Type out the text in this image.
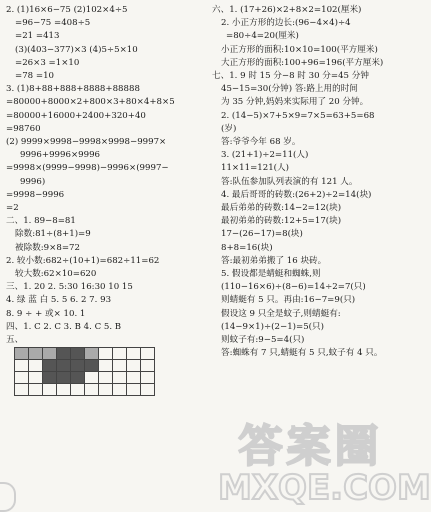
2. (1)16×6−75 (2)102×4÷5
=96−75 =408÷5
=21 =413
(3)(403−377)×3 (4)5÷5×10
=26×3 =1×10
=78 =10
3. (1)8+88+888+8888+88888
=80000+8000×2+800×3+80×4+8×5
=80000+16000+2400+320+40
=98760
(2) 9999×9998−9998×9998−9997×
9996+9996×9996
=9998×(9999−9998)−9996×(9997−
9996)
=9998−9996
=2
二、1. 89−8=81
除数:81÷(8+1)=9
被除数:9×8=72
2. 较小数:682÷(10+1)=682÷11=62
较大数:62×10=620
三、1. 20 2. 5:30 16:30 10 15
4. 绿 蓝 白 5. 5 6. 2 7. 93
8. 9 ÷ + 或× 10. 1
四、1. C 2. C 3. B 4. C 5. B
五、
六、1. (17+26)×2+8×2=102(厘米)
2. 小正方形的边长:(96−4×4)÷4
=80÷4=20(厘米)
小正方形的面积:10×10=100(平方厘米)
大正方形的面积:100+96=196(平方厘米)
七、1. 9 时 15 分−8 时 30 分=45 分钟
45−15=30(分钟) 答:路上用的时间
为 35 分钟,妈妈来实际用了 20 分钟。
2. (14−5)×7+5×9=7×5=63+5=68
(岁)
答:爷爷今年 68 岁。
3. (21+1)÷2=11(人)
11×11=121(人)
答:队伍参加队列表演的有 121 人。
4. 最后哥哥的砖数:(26+2)÷2=14(块)
最后弟弟的砖数:14−2=12(块)
最初弟弟的砖数:12+5=17(块)
17−(26−17)=8(块)
8+8=16(块)
答:最初弟弟搬了 16 块砖。
5. 假设都是蜻蜓和蜘蛛,则
(110−16×6)÷(8−6)=14÷2=7(只)
则蜻蜓有 5 只。再由:16−7=9(只)
假设这 9 只全是蚊子,则蜻蜓有:
(14−9×1)÷(2−1)=5(只)
则蚊子有:9−5=4(只)
答:蜘蛛有 7 只,蜻蜓有 5 只,蚊子有 4 只。
答案圈
MXQE.COM
